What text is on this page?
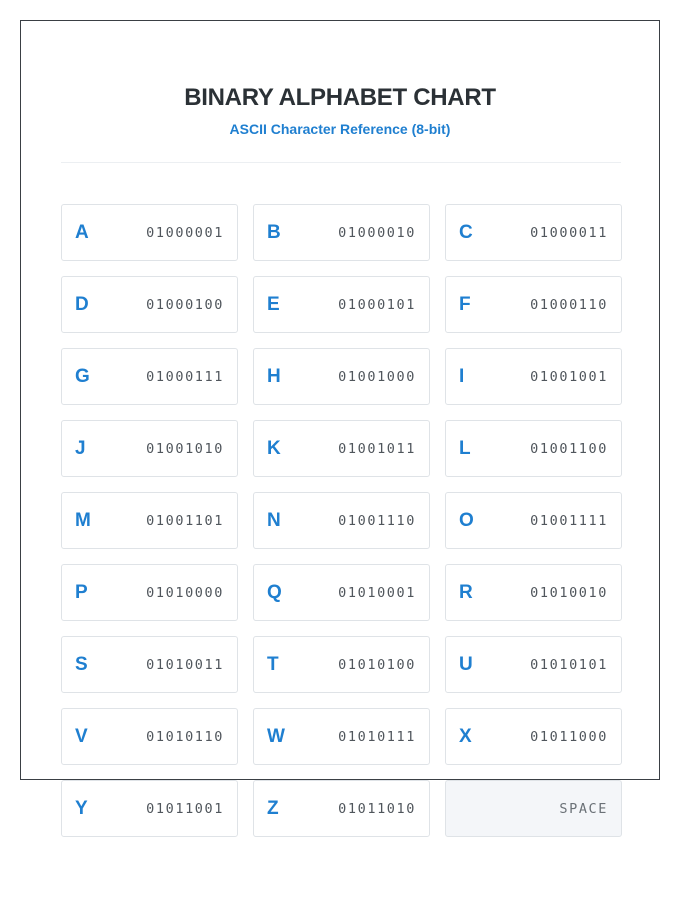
BINARY ALPHABET CHART

ASCII Character Reference (8-bit)

A	01000001 B	01000010 C	01000011
D	01000100 E	01000101 F	01000110
G	01000111 H	01001000 I	01001001
J	01001010 K	01001011 L	01001100
M	01001101 N	01001110 O	01001111
P	01010000 Q	01010001 R	01010010
S	01010011 T	01010100 U	01010101
V	01010110 W	01010111 X	01011000
Y	01011001 Z	01011010	SPACE
